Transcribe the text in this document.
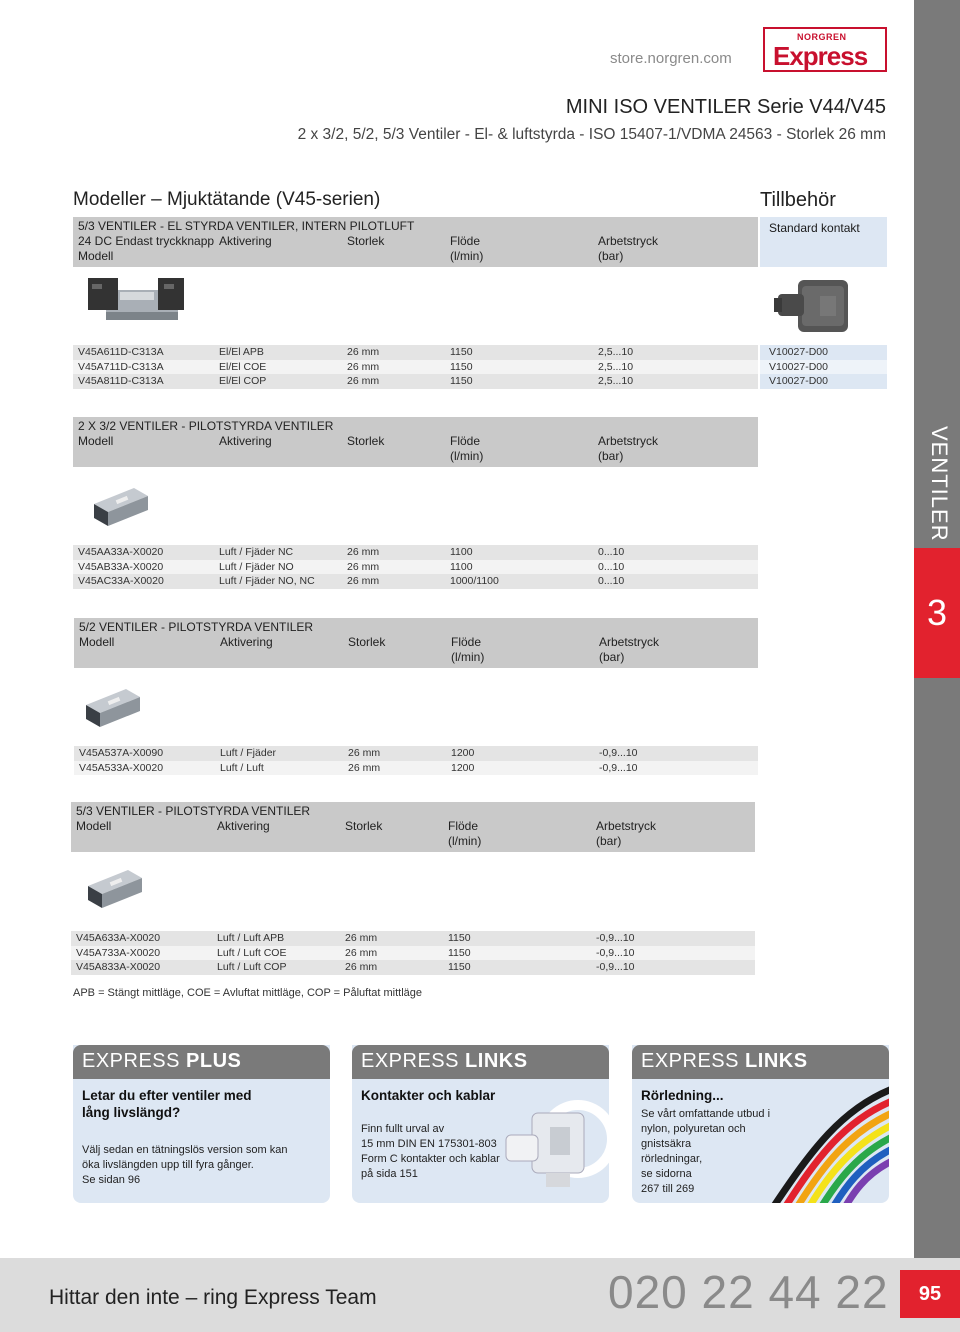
VENTILER
3
store.norgren.com
NORGREN
Express
MINI ISO VENTILER Serie V44/V45
2 x 3/2, 5/2, 5/3 Ventiler - El- & luftstyrda - ISO 15407-1/VDMA 24563 - Storlek 26 mm
Modeller – Mjuktätande (V45-serien)	Tillbehör
Standard kontakt
5/3 VENTILER - EL STYRDA VENTILER, INTERN PILOTLUFT
24 DC Endast tryckknapp
Modell
Aktivering	Storlek	Flöde
(l/min)
Arbetstryck
(bar)
V45A611D-C313A	El/El APB	26 mm	1150	2,5...10
V45A711D-C313A	El/El COE	26 mm	1150	2,5...10
V45A811D-C313A	El/El COP	26 mm	1150	2,5...10
V10027-D00
V10027-D00
V10027-D00
2 X 3/2 VENTILER - PILOTSTYRDA VENTILER
Modell	Aktivering	Storlek	Flöde
(l/min)
Arbetstryck
(bar)
V45AA33A-X0020	Luft / Fjäder NC	26 mm	1100	0...10
V45AB33A-X0020	Luft / Fjäder NO	26 mm	1100	0...10
V45AC33A-X0020	Luft / Fjäder NO, NC	26 mm	1000/1100	0...10
5/2 VENTILER - PILOTSTYRDA VENTILER
Modell	Aktivering	Storlek	Flöde
(l/min)
Arbetstryck
(bar)
V45A537A-X0090	Luft / Fjäder	26 mm	1200	-0,9...10
V45A533A-X0020	Luft / Luft	26 mm	1200	-0,9...10
5/3 VENTILER - PILOTSTYRDA VENTILER
Modell	Aktivering	Storlek	Flöde
(l/min)
Arbetstryck
(bar)
V45A633A-X0020	Luft / Luft APB	26 mm	1150	-0,9...10
V45A733A-X0020	Luft / Luft COE	26 mm	1150	-0,9...10
V45A833A-X0020	Luft / Luft COP	26 mm	1150	-0,9...10
APB = Stängt mittläge, COE = Avluftat mittläge, COP = Påluftat mittläge
EXPRESS PLUS
Letar du efter ventiler med
lång livslängd?
Välj sedan en tätningslös version som kan
öka livslängden upp till fyra gånger.
Se sidan 96
EXPRESS LINKS
Kontakter och kablar
Finn fullt urval av
15 mm DIN EN 175301-803
Form C kontakter och kablar
på sida 151
EXPRESS LINKS
Rörledning...
Se vårt omfattande utbud i
nylon, polyuretan och
gnistsäkra
rörledningar,
se sidorna
267 till 269
Hittar den inte – ring Express Team	020 22 44 22	95
